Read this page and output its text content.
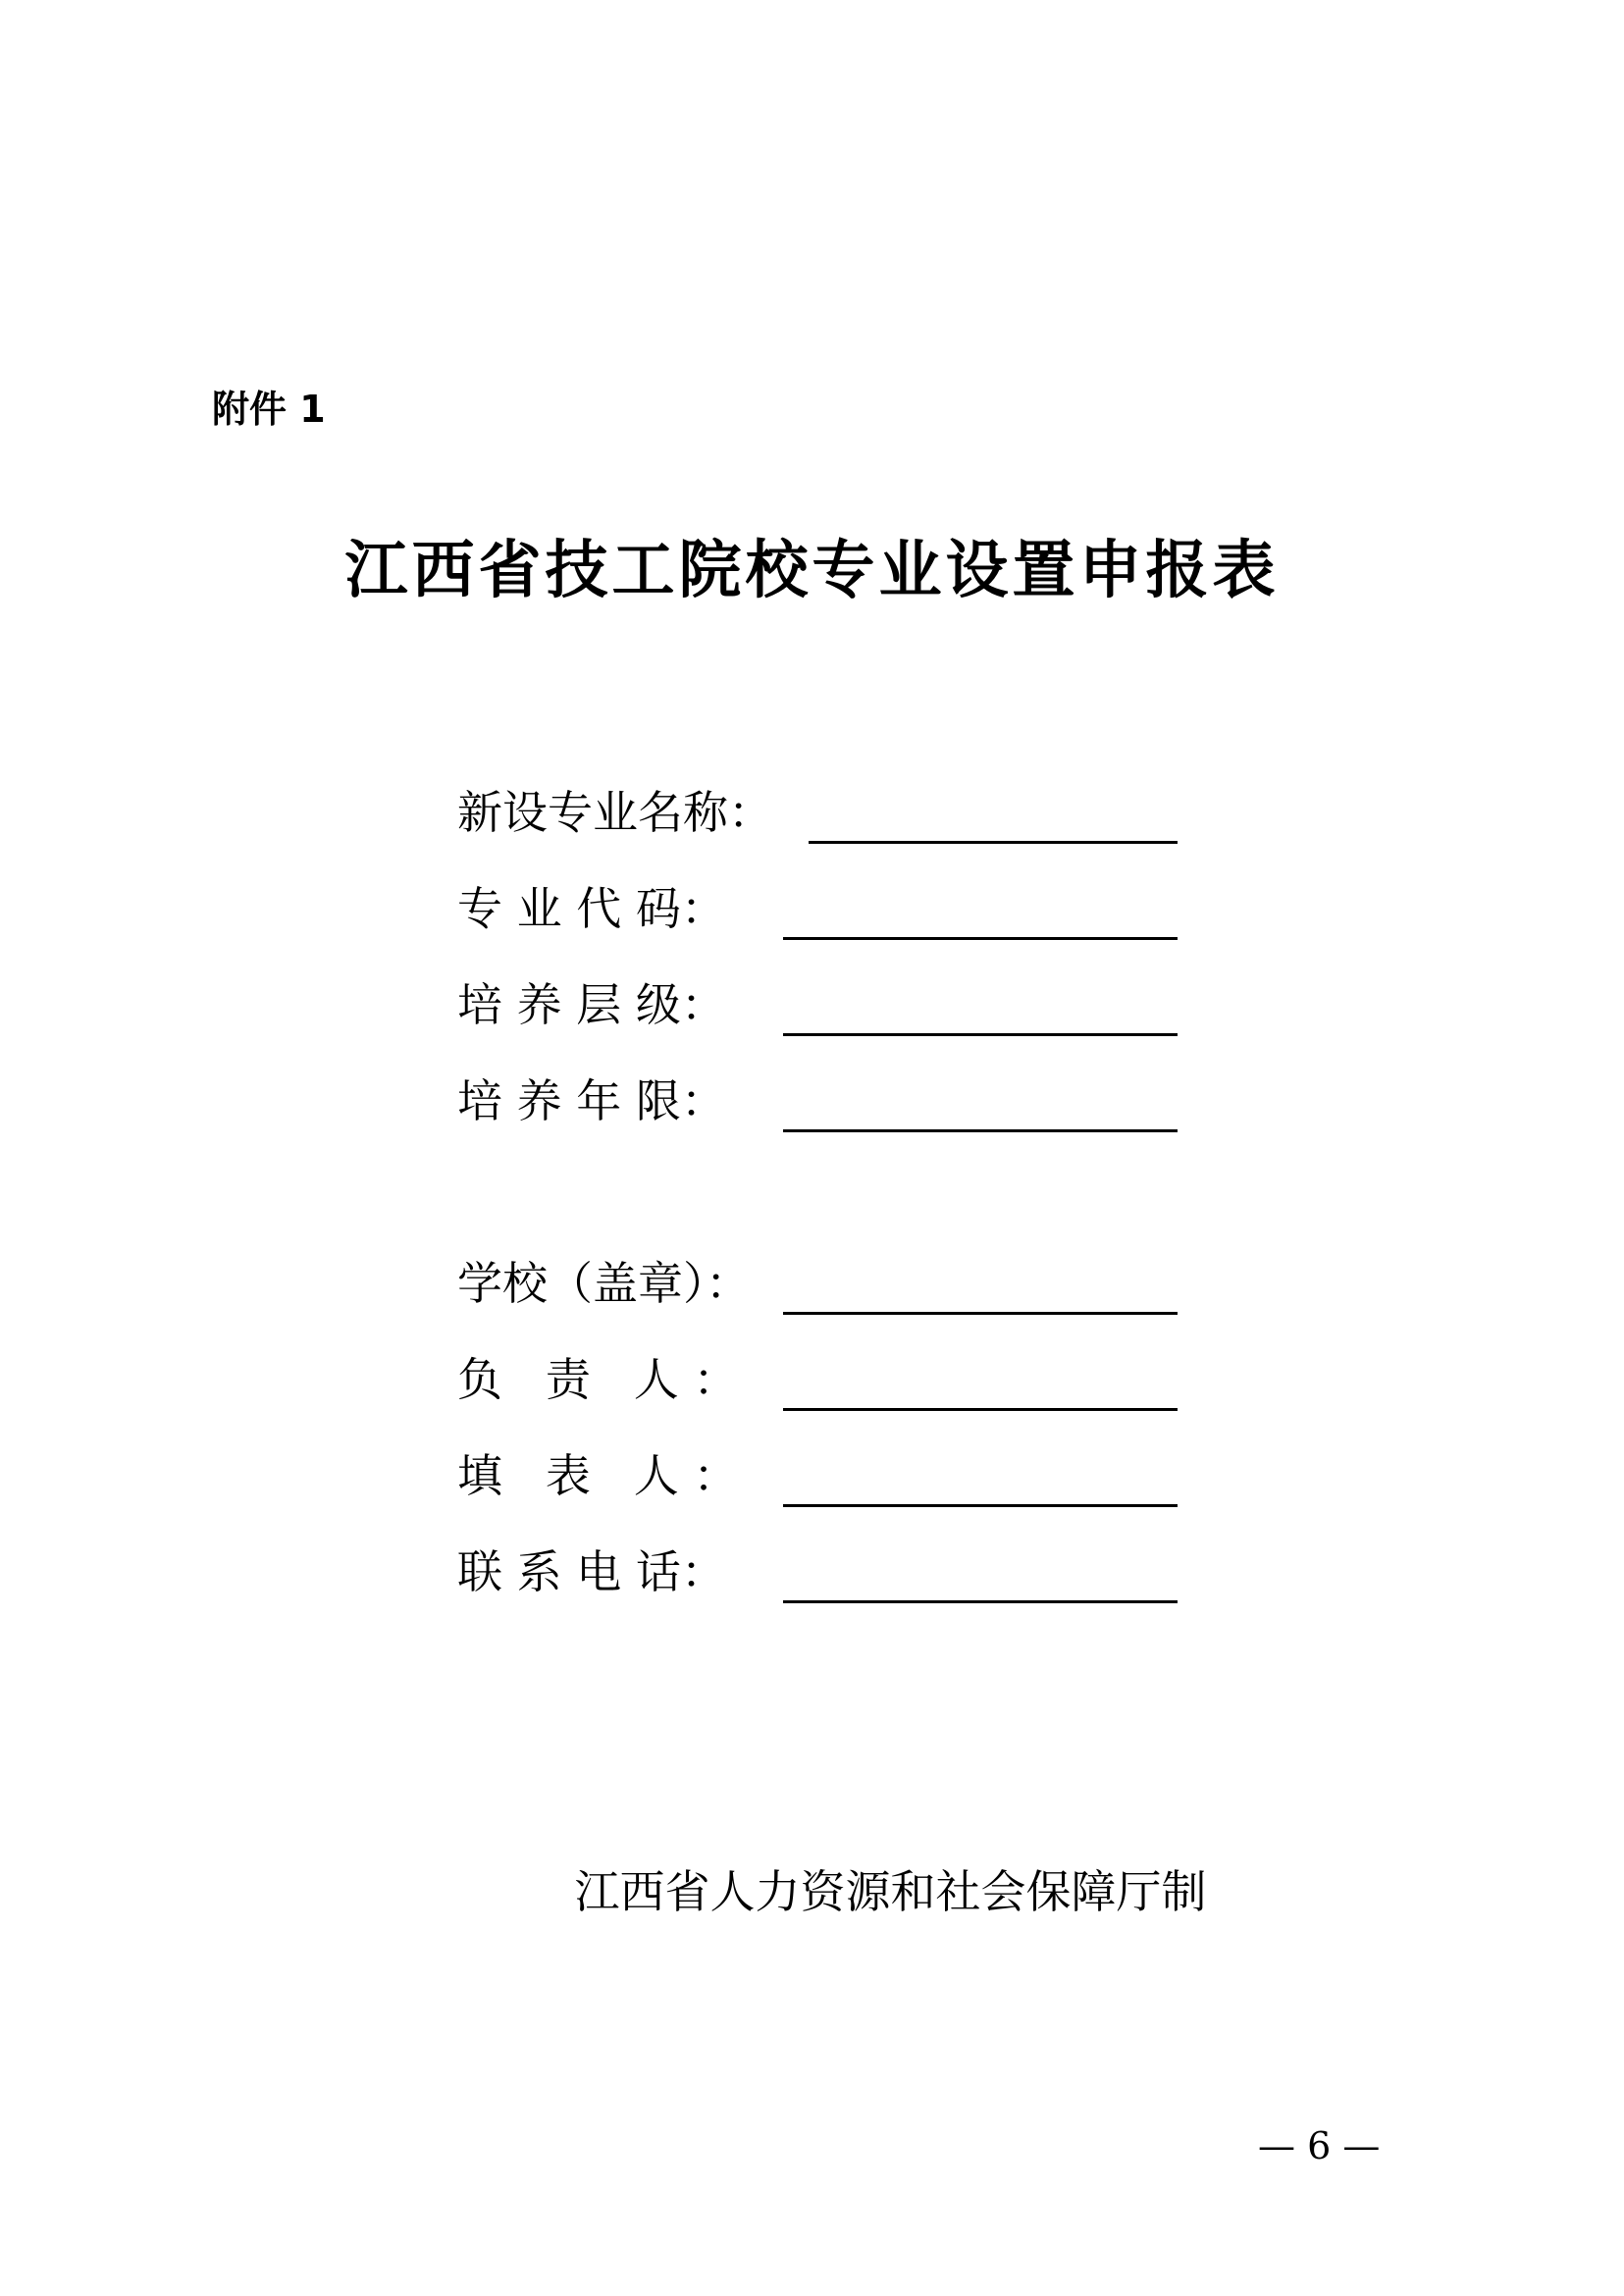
附件 1
江西省技工院校专业设置申报表
新设专业名称：
专 业 代 码：
培 养 层 级：
培 养 年 限：
学校（盖章）：
负   责   人 ：
填   表   人 ：
联 系 电 话：
江西省人力资源和社会保障厅制
— 6 —
